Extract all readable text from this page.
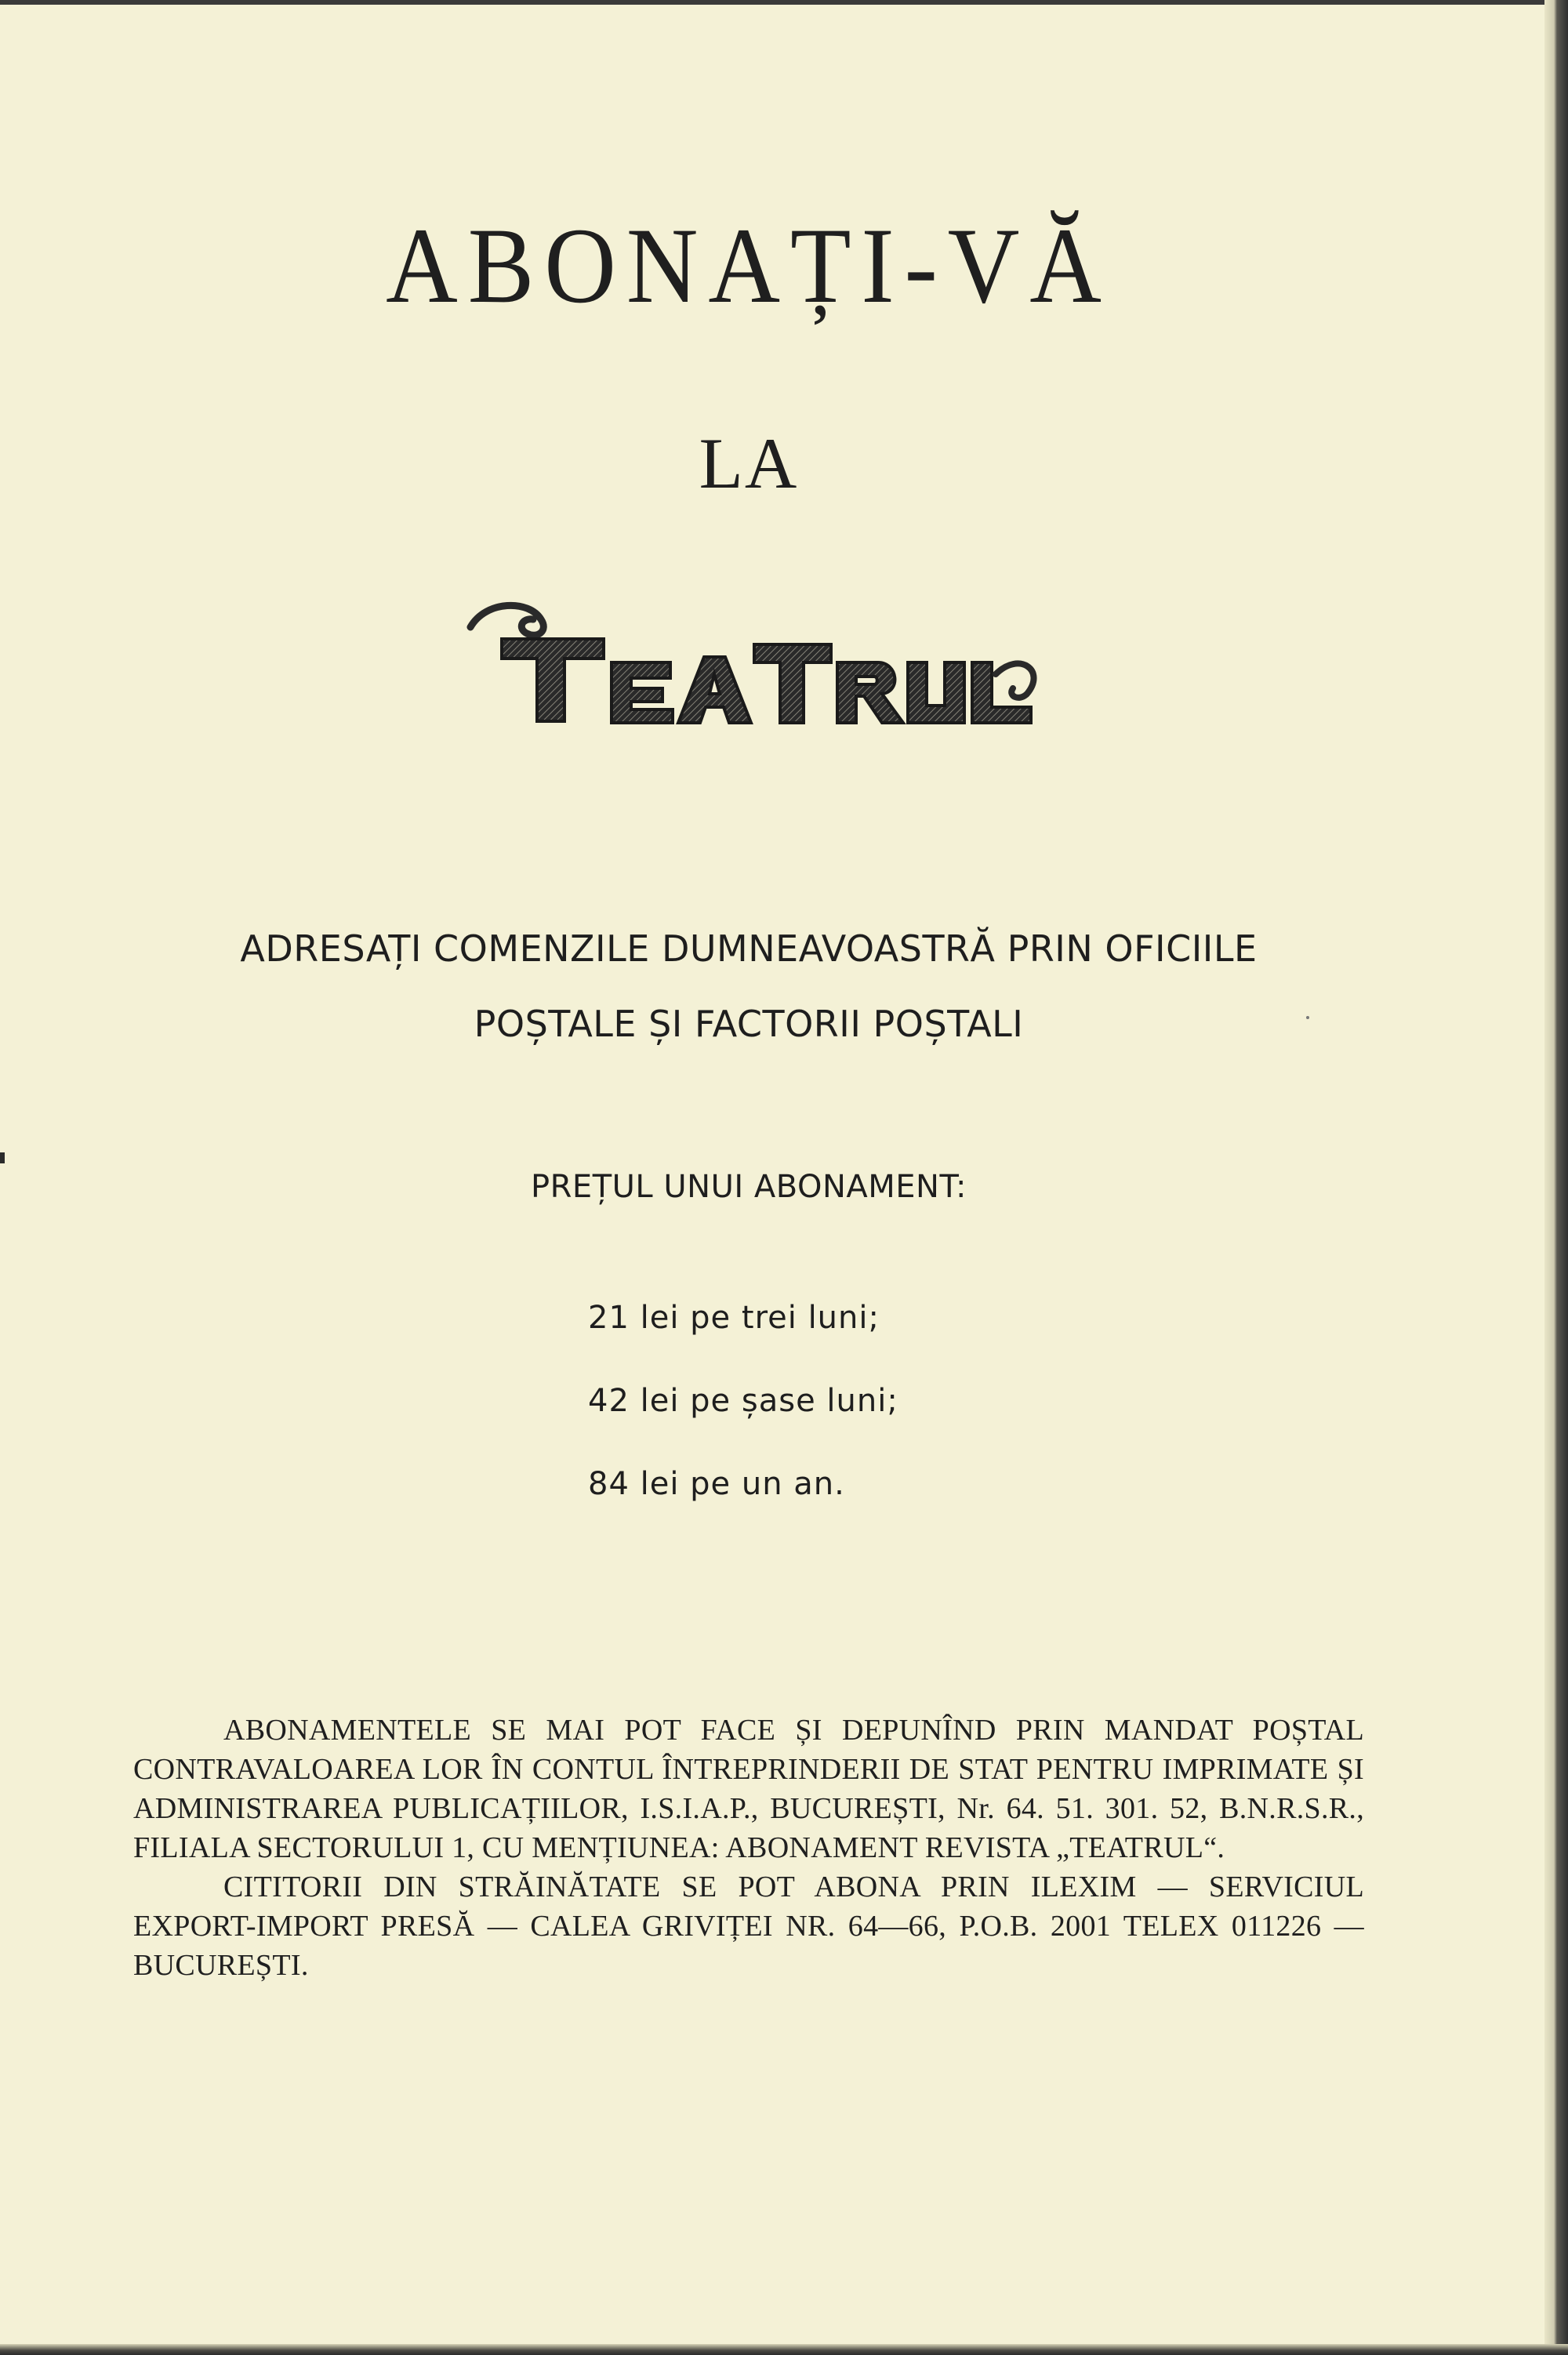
ABONAȚI-VĂ
LA
ADRESAȚI COMENZILE DUMNEAVOASTRĂ PRIN OFICIILE
POȘTALE ȘI FACTORII POȘTALI
PREȚUL UNUI ABONAMENT:
21 lei pe trei luni;
42 lei pe șase luni;
84 lei pe un an.

ABONAMENTELE SE MAI POT FACE ȘI DEPUNÎND PRIN MANDAT POȘTAL CONTRAVALOAREA LOR ÎN CONTUL ÎNTREPRINDERII DE STAT PENTRU IMPRIMATE ȘI ADMINISTRAREA PUBLICAȚIILOR, I.S.I.A.P., BUCUREȘTI, Nr. 64. 51. 301. 52, B.N.R.S.R., FILIALA SECTORULUI 1, CU MENȚIUNEA: ABONAMENT REVISTA „TEATRUL“.

CITITORII DIN STRĂINĂTATE SE POT ABONA PRIN ILEXIM — SERVICIUL EXPORT-IMPORT PRESĂ — CALEA GRIVIȚEI NR. 64—66, P.O.B. 2001 TELEX 011226 — BUCUREȘTI.
